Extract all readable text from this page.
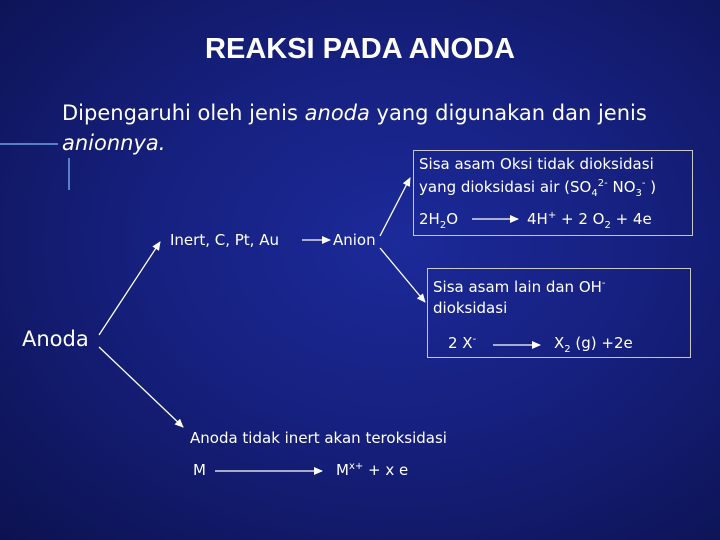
REAKSI PADA ANODA
Dipengaruhi oleh jenis anoda yang digunakan dan jenis anionnya.
Anoda
Inert, C, Pt, Au	Anion
Sisa asam Oksi tidak dioksidasi
yang dioksidasi air ($SO_4^{2-}$ $NO_3^-$ )
$2H_2O$	4H+ + 2 $O_2 + 4e$
Sisa asam lain dan OH-
dioksidasi
2 X-	$X_2$ (g) +2e
Anoda tidak inert akan teroksidasi
M	$M^{x+} + x$ e
